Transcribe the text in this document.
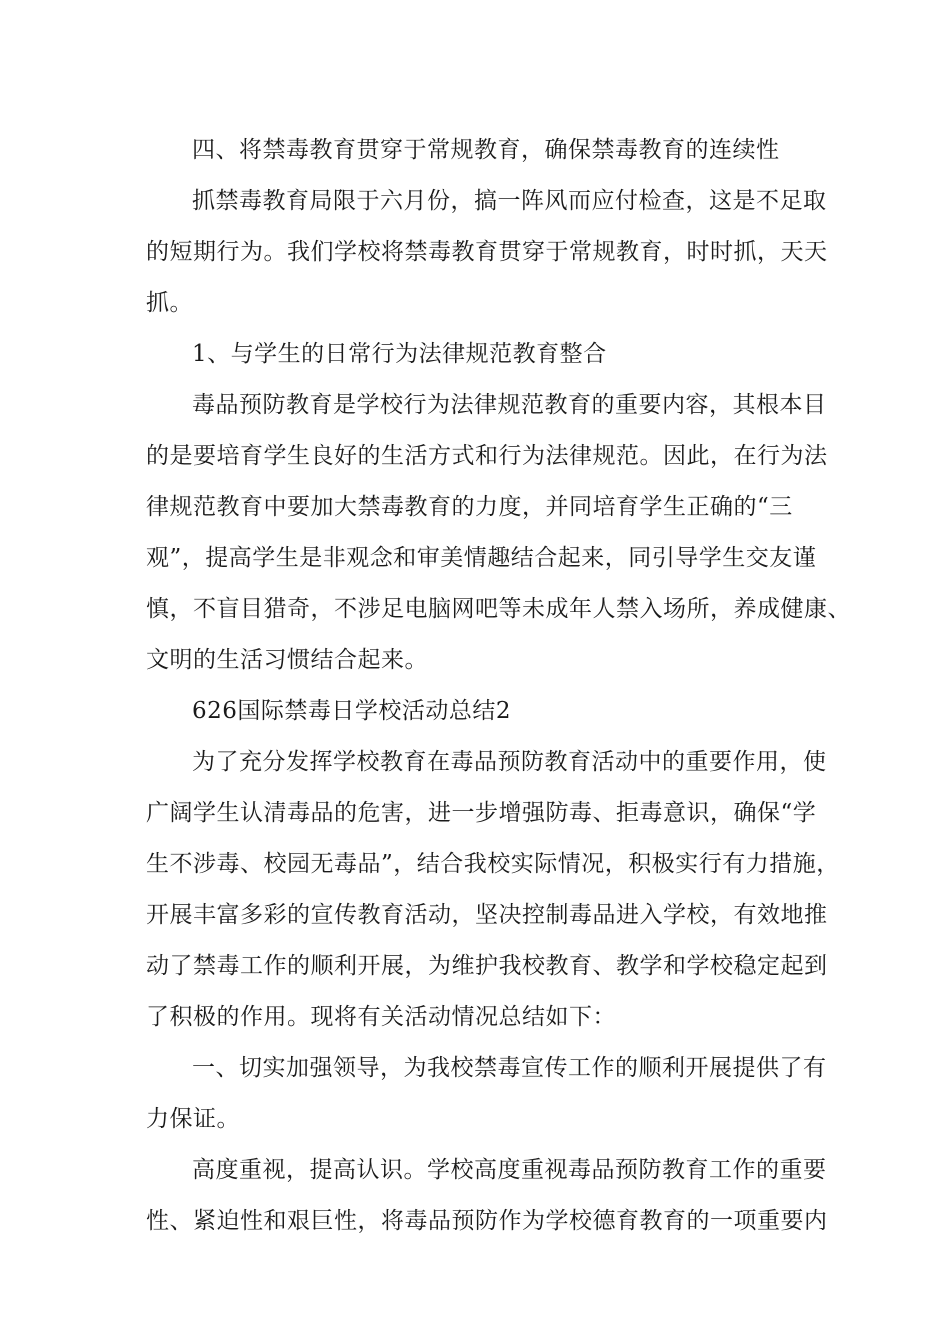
四、将禁毒教育贯穿于常规教育，确保禁毒教育的连续性
抓禁毒教育局限于六月份，搞一阵风而应付检查，这是不足取
的短期行为。我们学校将禁毒教育贯穿于常规教育，时时抓，天天
抓。
1、与学生的日常行为法律规范教育整合
毒品预防教育是学校行为法律规范教育的重要内容，其根本目
的是要培育学生良好的生活方式和行为法律规范。因此，在行为法
律规范教育中要加大禁毒教育的力度，并同培育学生正确的“三
观”，提高学生是非观念和审美情趣结合起来，同引导学生交友谨
慎，不盲目猎奇，不涉足电脑网吧等未成年人禁入场所，养成健康、
文明的生活习惯结合起来。
626国际禁毒日学校活动总结2
为了充分发挥学校教育在毒品预防教育活动中的重要作用，使
广阔学生认清毒品的危害，进一步增强防毒、拒毒意识，确保“学
生不涉毒、校园无毒品”，结合我校实际情况，积极实行有力措施，
开展丰富多彩的宣传教育活动，坚决控制毒品进入学校，有效地推
动了禁毒工作的顺利开展，为维护我校教育、教学和学校稳定起到
了积极的作用。现将有关活动情况总结如下：
一、切实加强领导，为我校禁毒宣传工作的顺利开展提供了有
力保证。
高度重视，提高认识。学校高度重视毒品预防教育工作的重要
性、紧迫性和艰巨性，将毒品预防作为学校德育教育的一项重要内
